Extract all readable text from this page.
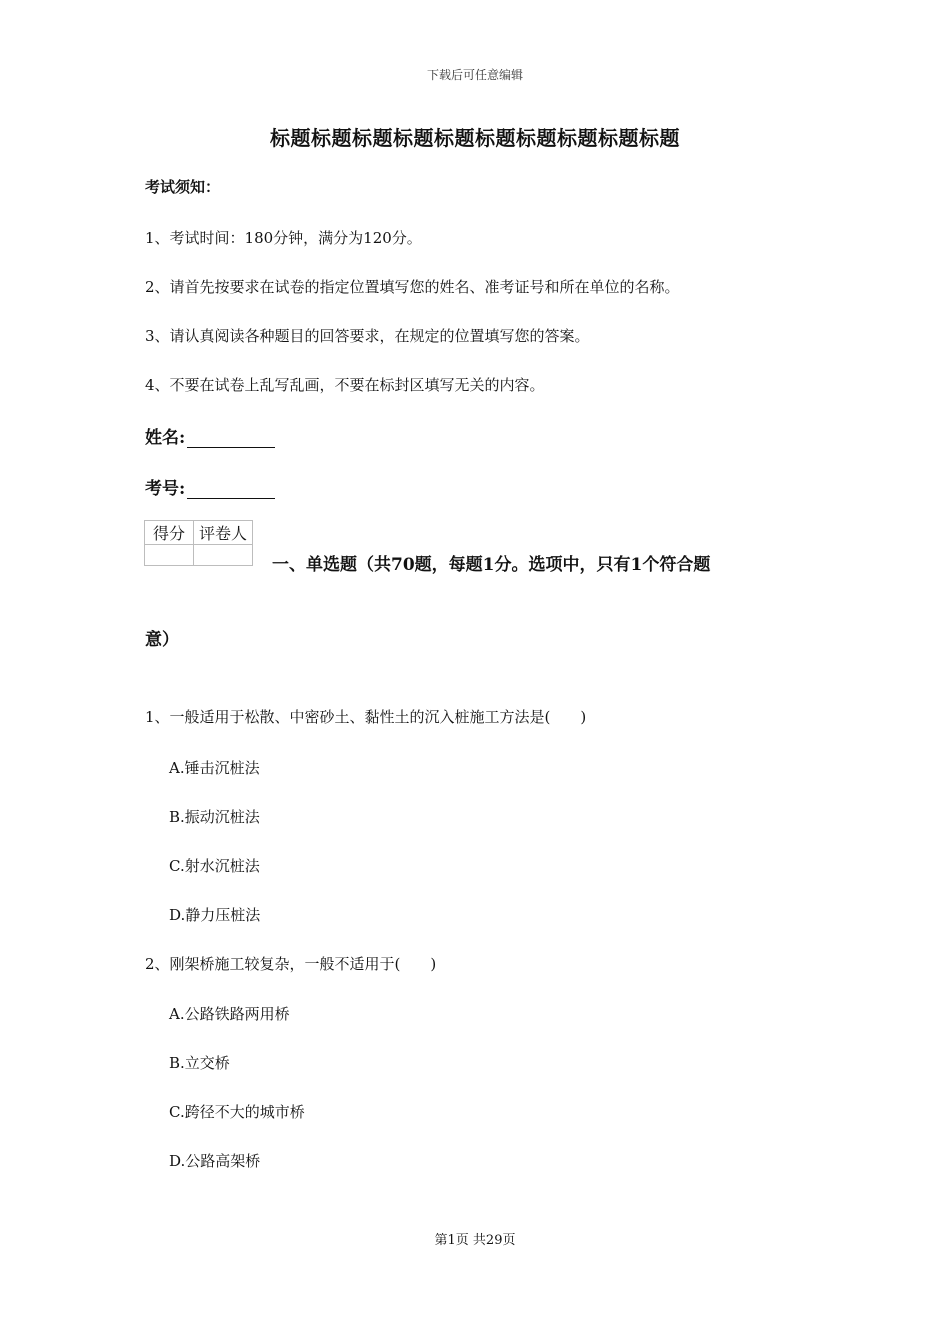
下载后可任意编辑
标题标题标题标题标题标题标题标题标题标题
考试须知：
1、考试时间：180分钟，满分为120分。
2、请首先按要求在试卷的指定位置填写您的姓名、准考证号和所在单位的名称。
3、请认真阅读各种题目的回答要求，在规定的位置填写您的答案。
4、不要在试卷上乱写乱画，不要在标封区填写无关的内容。
姓名:
考号:
得分	评卷人

一、单选题（共70题，每题1分。选项中，只有1个符合题
意）
1、一般适用于松散、中密砂土、黏性土的沉入桩施工方法是(　　)
A.锤击沉桩法
B.振动沉桩法
C.射水沉桩法
D.静力压桩法
2、刚架桥施工较复杂，一般不适用于(　　)
A.公路铁路两用桥
B.立交桥
C.跨径不大的城市桥
D.公路高架桥
第1页 共29页
